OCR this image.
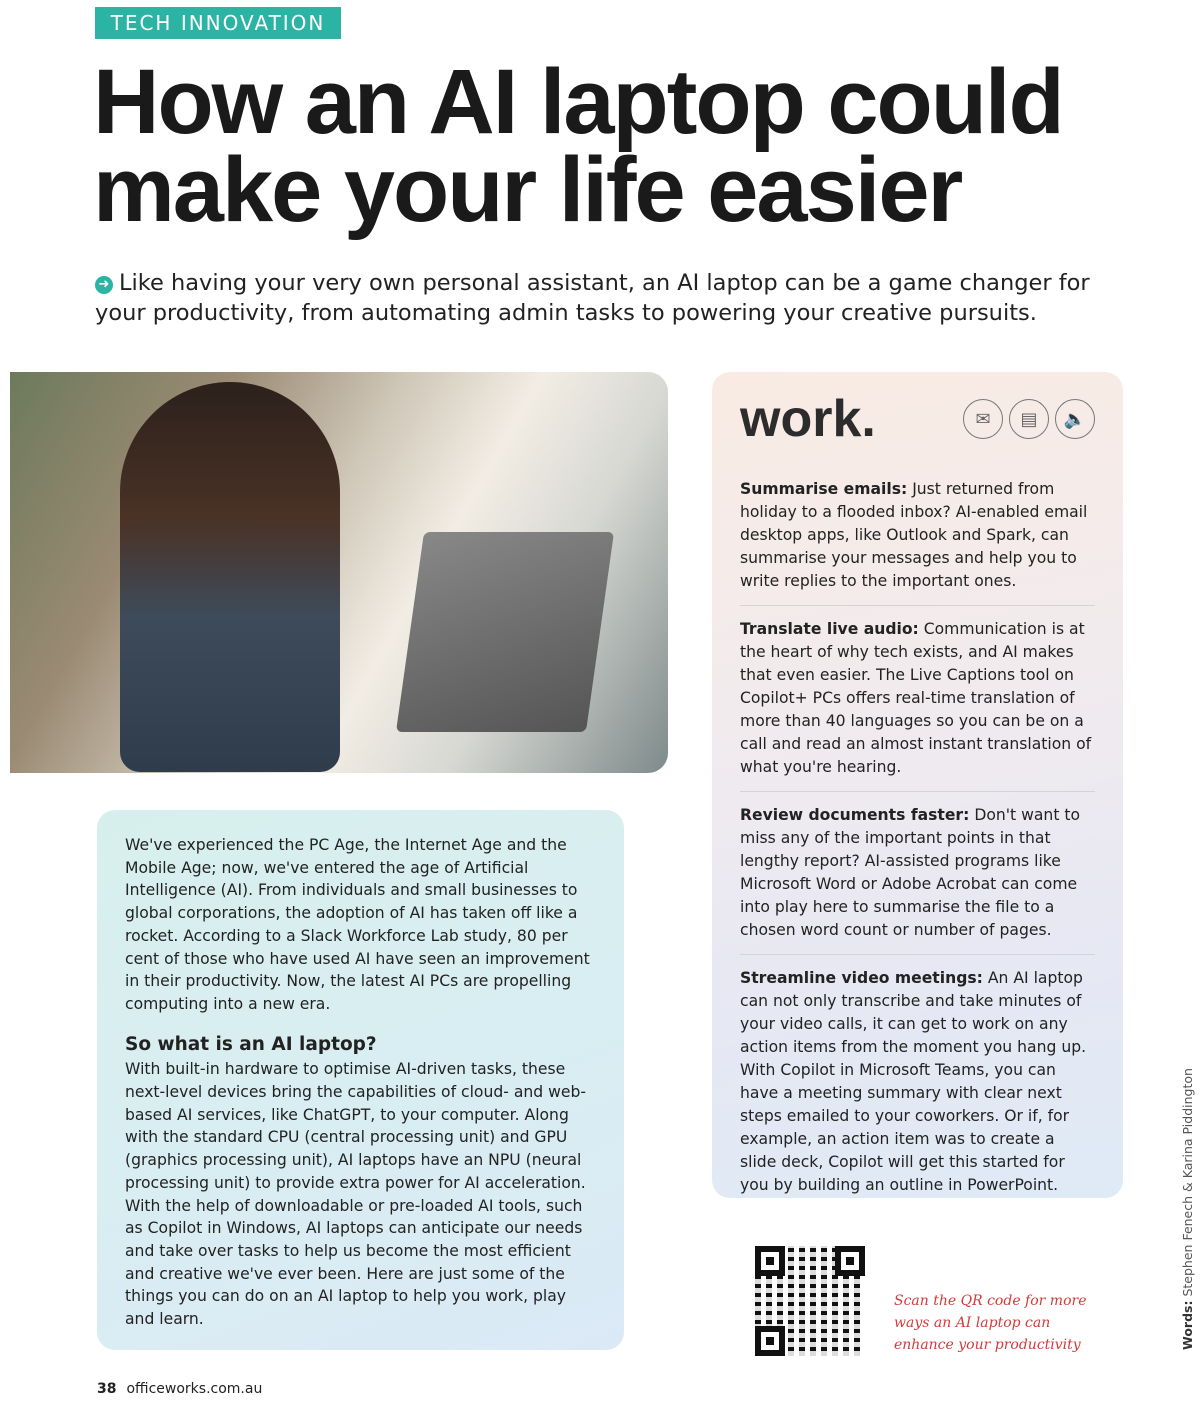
TECH INNOVATION
How an AI laptop could
make your life easier

➜ Like having your very own personal assistant, an AI laptop can be a game changer for your productivity, from automating admin tasks to powering your creative pursuits.

We've experienced the PC Age, the Internet Age and the Mobile Age; now, we've entered the age of Artificial Intelligence (AI). From individuals and small businesses to global corporations, the adoption of AI has taken off like a rocket. According to a Slack Workforce Lab study, 80 per cent of those who have used AI have seen an improvement in their productivity. Now, the latest AI PCs are propelling computing into a new era.

So what is an AI laptop?

With built-in hardware to optimise AI-driven tasks, these next-level devices bring the capabilities of cloud- and web-based AI services, like ChatGPT, to your computer. Along with the standard CPU (central processing unit) and GPU (graphics processing unit), AI laptops have an NPU (neural processing unit) to provide extra power for AI acceleration. With the help of downloadable or pre-loaded AI tools, such as Copilot in Windows, AI laptops can anticipate our needs and take over tasks to help us become the most efficient and creative we've ever been. Here are just some of the things you can do on an AI laptop to help you work, play and learn.

work.	✉	▤	🔈
Summarise emails: Just returned from holiday to a flooded inbox? AI-enabled email desktop apps, like Outlook and Spark, can summarise your messages and help you to write replies to the important ones.
Translate live audio: Communication is at the heart of why tech exists, and AI makes that even easier. The Live Captions tool on Copilot+ PCs offers real-time translation of more than 40 languages so you can be on a call and read an almost instant translation of what you're hearing.
Review documents faster: Don't want to miss any of the important points in that lengthy report? AI-assisted programs like Microsoft Word or Adobe Acrobat can come into play here to summarise the file to a chosen word count or number of pages.
Streamline video meetings: An AI laptop can not only transcribe and take minutes of your video calls, it can get to work on any action items from the moment you hang up. With Copilot in Microsoft Teams, you can have a meeting summary with clear next steps emailed to your coworkers. Or if, for example, an action item was to create a slide deck, Copilot will get this started for you by building an outline in PowerPoint.
Scan the QR code for more ways an AI laptop can enhance your productivity	Words: Stephen Fenech & Karina Piddington
38 officeworks.com.au
